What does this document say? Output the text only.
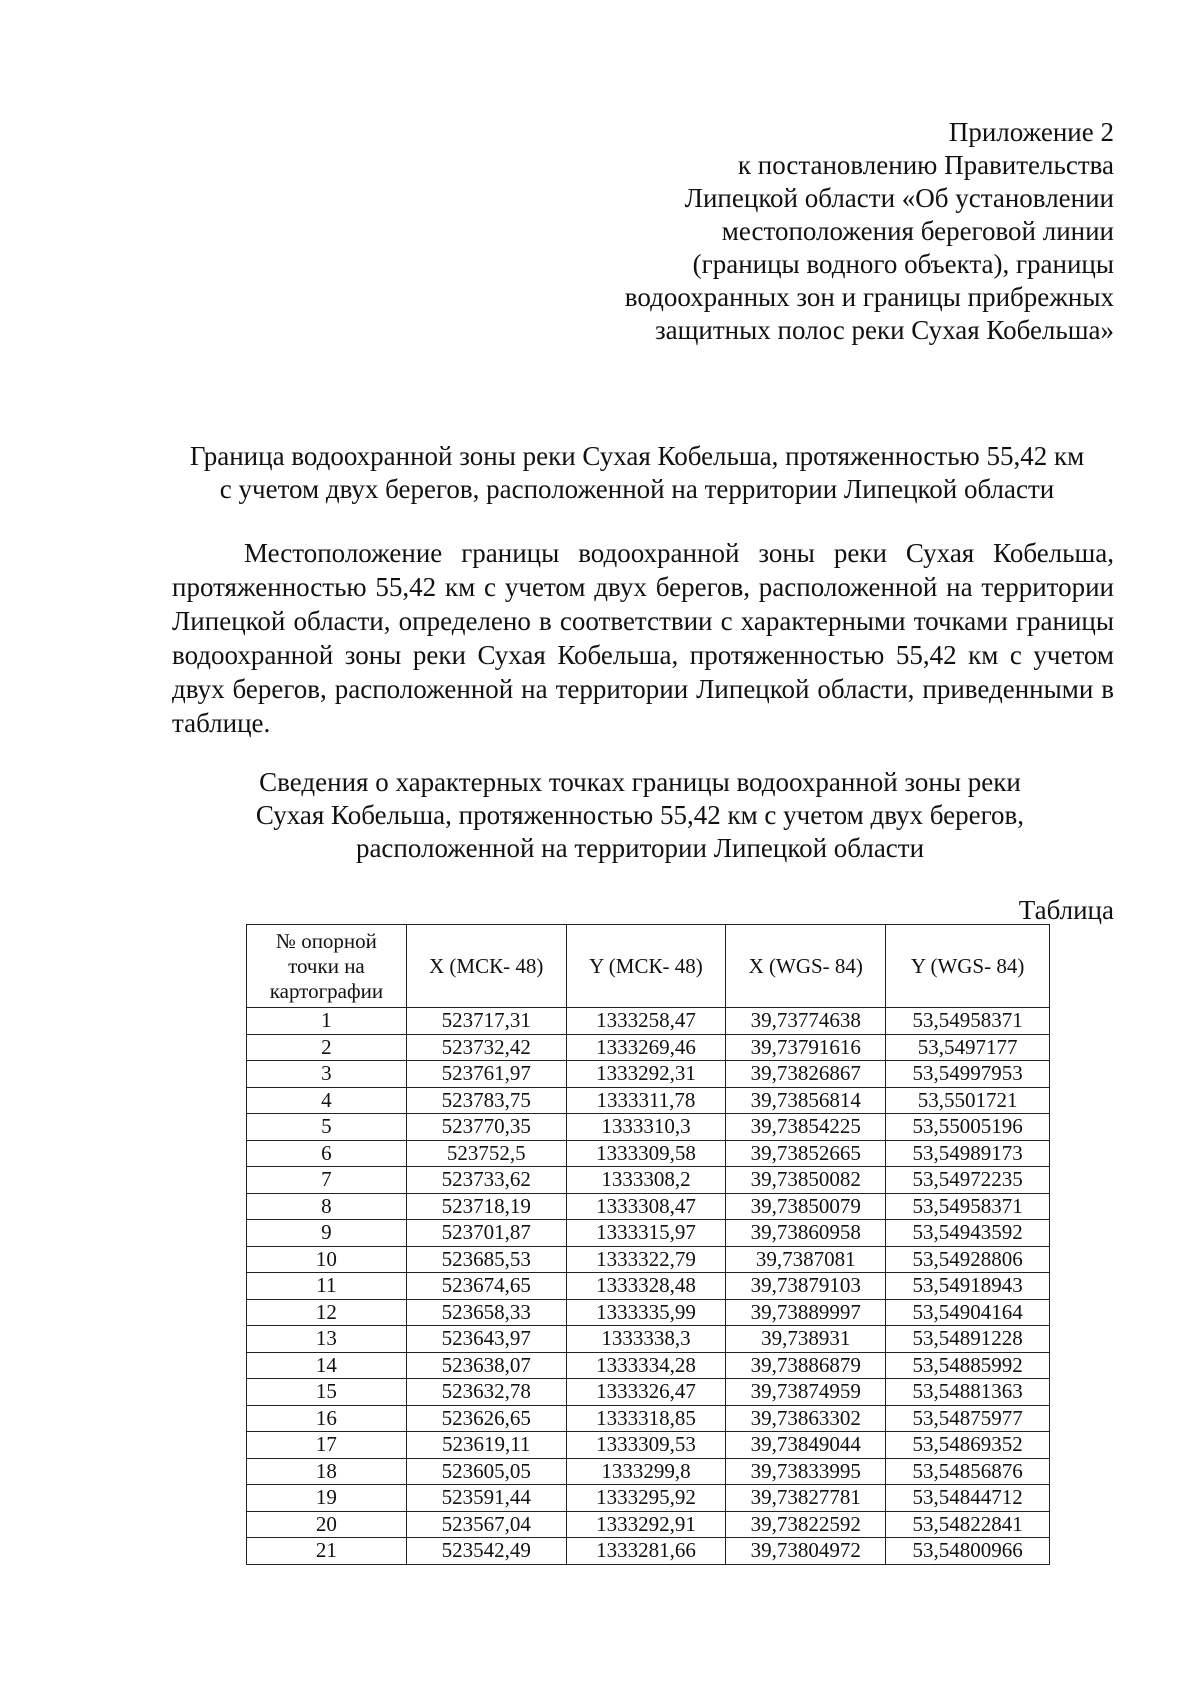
Приложение 2
к постановлению Правительства
Липецкой области «Об установлении
местоположения береговой линии
(границы водного объекта), границы
водоохранных зон и границы прибрежных
защитных полос реки Сухая Кобельша»
Граница водоохранной зоны реки Сухая Кобельша, протяженностью 55,42 км
с учетом двух берегов, расположенной на территории Липецкой области

Местоположение границы водоохранной зоны реки Сухая Кобельша, протяженностью 55,42 км с учетом двух берегов, расположенной на территории Липецкой области, определено в соответствии с характерными точками границы водоохранной зоны реки Сухая Кобельша, протяженностью 55,42 км с учетом двух берегов, расположенной на территории Липецкой области, приведенными в таблице.

Сведения о характерных точках границы водоохранной зоны реки
Сухая Кобельша, протяженностью 55,42 км с учетом двух берегов,
расположенной на территории Липецкой области
Таблица
№ опорной
точки на
картографии	X (МСК- 48)	Y (МСК- 48)	X (WGS- 84)	Y (WGS- 84)
1	523717,31	1333258,47	39,73774638	53,54958371
2	523732,42	1333269,46	39,73791616	53,5497177
3	523761,97	1333292,31	39,73826867	53,54997953
4	523783,75	1333311,78	39,73856814	53,5501721
5	523770,35	1333310,3	39,73854225	53,55005196
6	523752,5	1333309,58	39,73852665	53,54989173
7	523733,62	1333308,2	39,73850082	53,54972235
8	523718,19	1333308,47	39,73850079	53,54958371
9	523701,87	1333315,97	39,73860958	53,54943592
10	523685,53	1333322,79	39,7387081	53,54928806
11	523674,65	1333328,48	39,73879103	53,54918943
12	523658,33	1333335,99	39,73889997	53,54904164
13	523643,97	1333338,3	39,738931	53,54891228
14	523638,07	1333334,28	39,73886879	53,54885992
15	523632,78	1333326,47	39,73874959	53,54881363
16	523626,65	1333318,85	39,73863302	53,54875977
17	523619,11	1333309,53	39,73849044	53,54869352
18	523605,05	1333299,8	39,73833995	53,54856876
19	523591,44	1333295,92	39,73827781	53,54844712
20	523567,04	1333292,91	39,73822592	53,54822841
21	523542,49	1333281,66	39,73804972	53,54800966
